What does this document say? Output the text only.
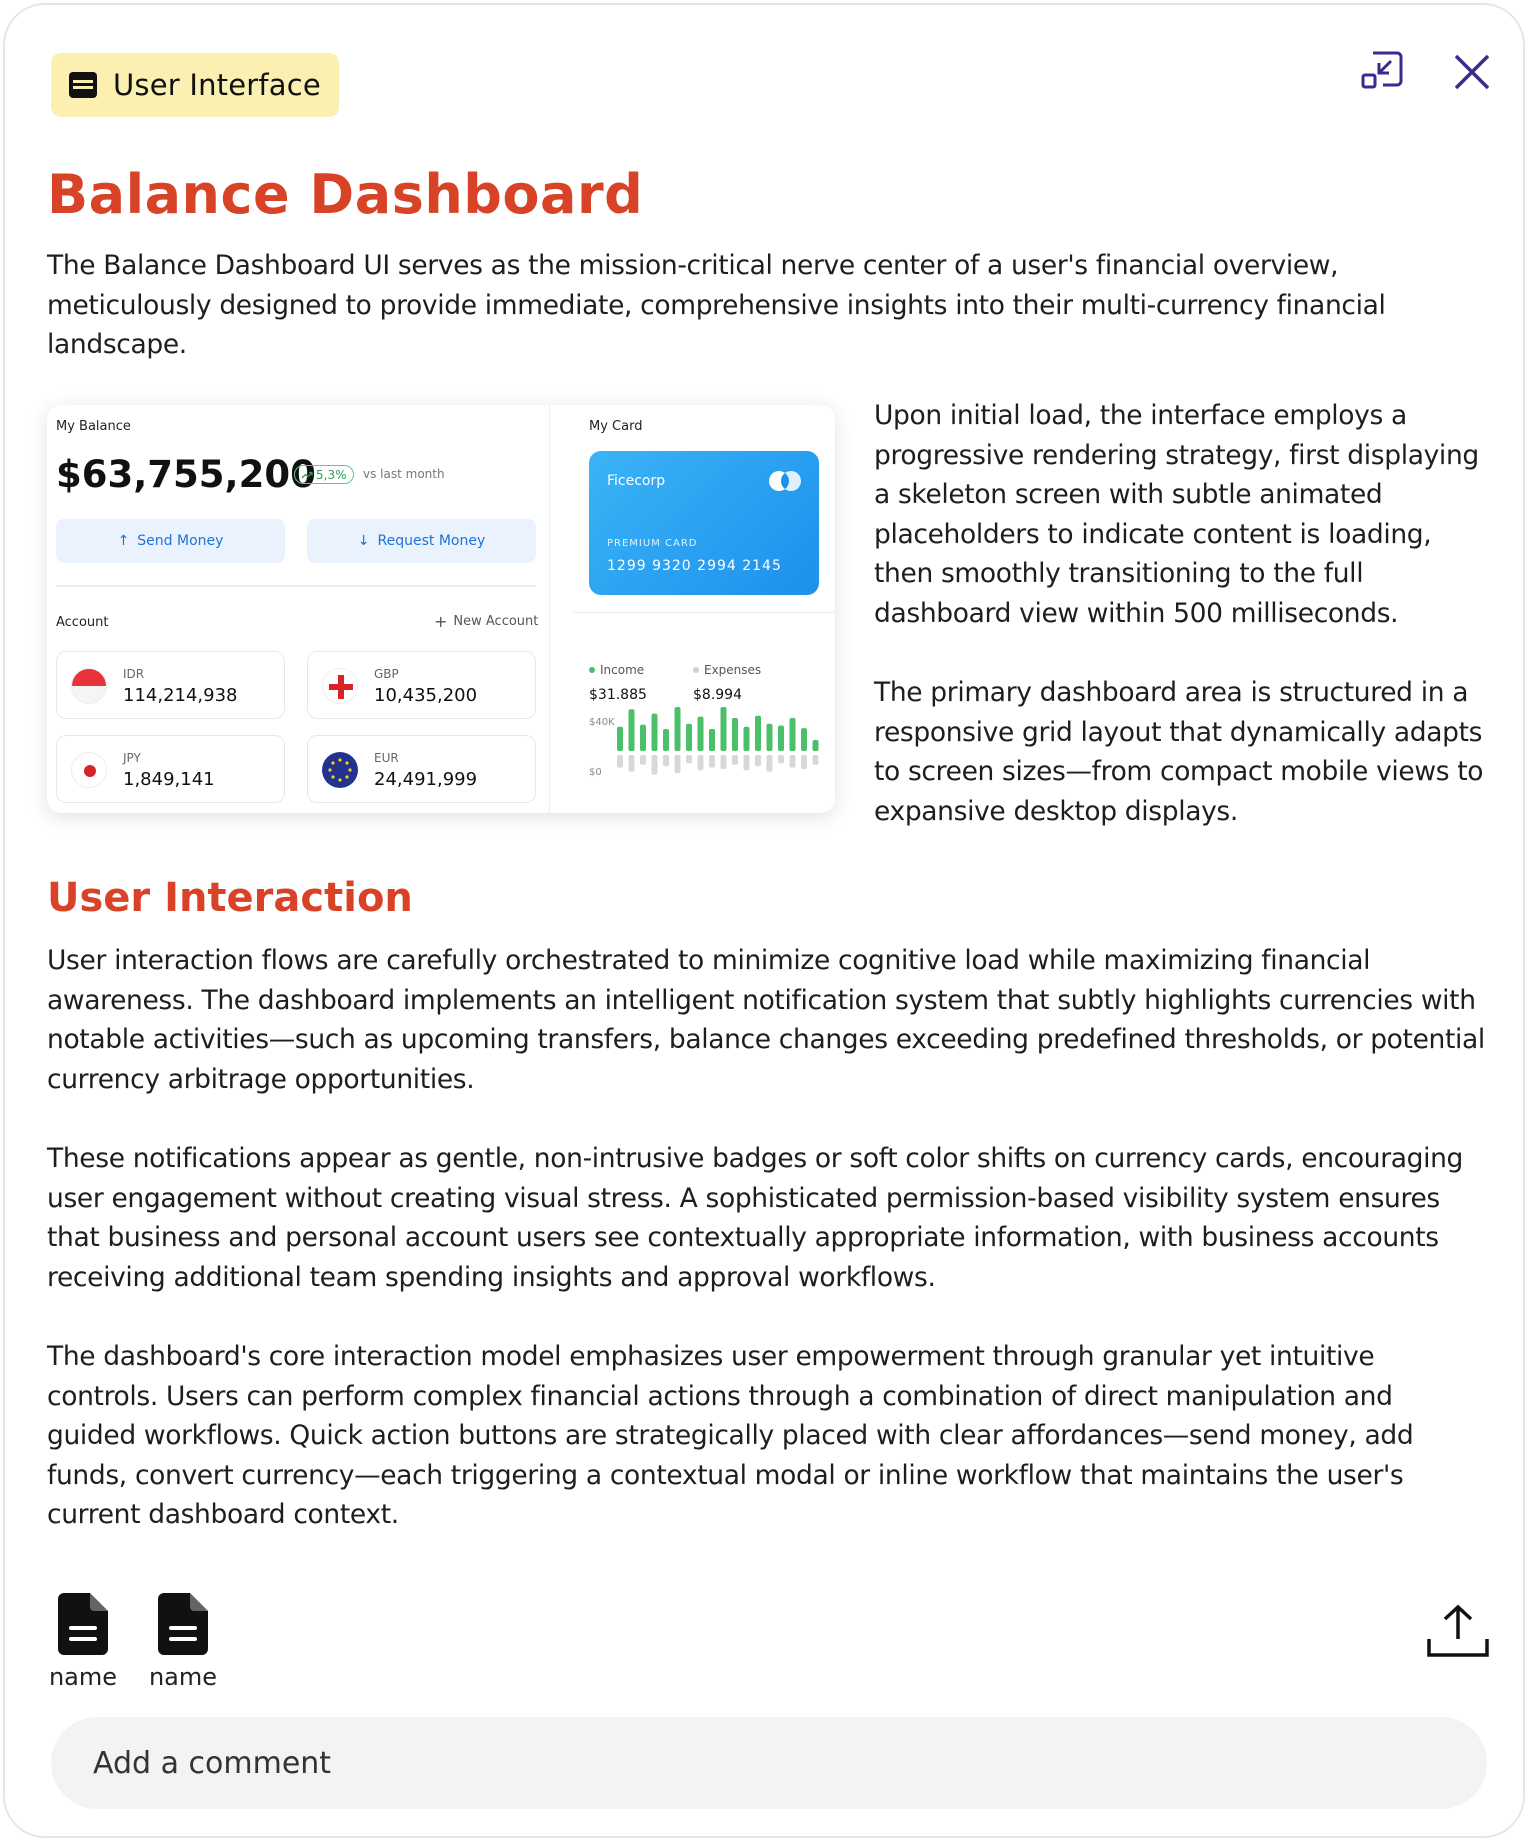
User Interface
Balance Dashboard

The Balance Dashboard UI serves as the mission-critical nerve center of a user's financial overview, meticulously designed to provide immediate, comprehensive insights into their multi-currency financial landscape.

My Balance
$63,755,200 5,3% vs last month
↑ Send Money	↓ Request Money
Account	+ New Account
IDR
114,214,938
GBP
10,435,200
JPY
1,849,141
EUR
24,491,999
My Card
Ficecorp
PREMIUM CARD
1299 9320 2994 2145
Income	Expenses
$31.885	$8.994
$40K
$0

Upon initial load, the interface employs a progressive rendering strategy, first displaying a skeleton screen with subtle animated placeholders to indicate content is loading, then smoothly transitioning to the full dashboard view within 500 milliseconds.

The primary dashboard area is structured in a responsive grid layout that dynamically adapts to screen sizes—from compact mobile views to expansive desktop displays.

User Interaction

User interaction flows are carefully orchestrated to minimize cognitive load while maximizing financial awareness. The dashboard implements an intelligent notification system that subtly highlights currencies with notable activities—such as upcoming transfers, balance changes exceeding predefined thresholds, or potential currency arbitrage opportunities.

These notifications appear as gentle, non-intrusive badges or soft color shifts on currency cards, encouraging user engagement without creating visual stress. A sophisticated permission-based visibility system ensures that business and personal account users see contextually appropriate information, with business accounts receiving additional team spending insights and approval workflows.

The dashboard's core interaction model emphasizes user empowerment through granular yet intuitive controls. Users can perform complex financial actions through a combination of direct manipulation and guided workflows. Quick action buttons are strategically placed with clear affordances—send money, add funds, convert currency—each triggering a contextual modal or inline workflow that maintains the user's current dashboard context.

name name
Add a comment
